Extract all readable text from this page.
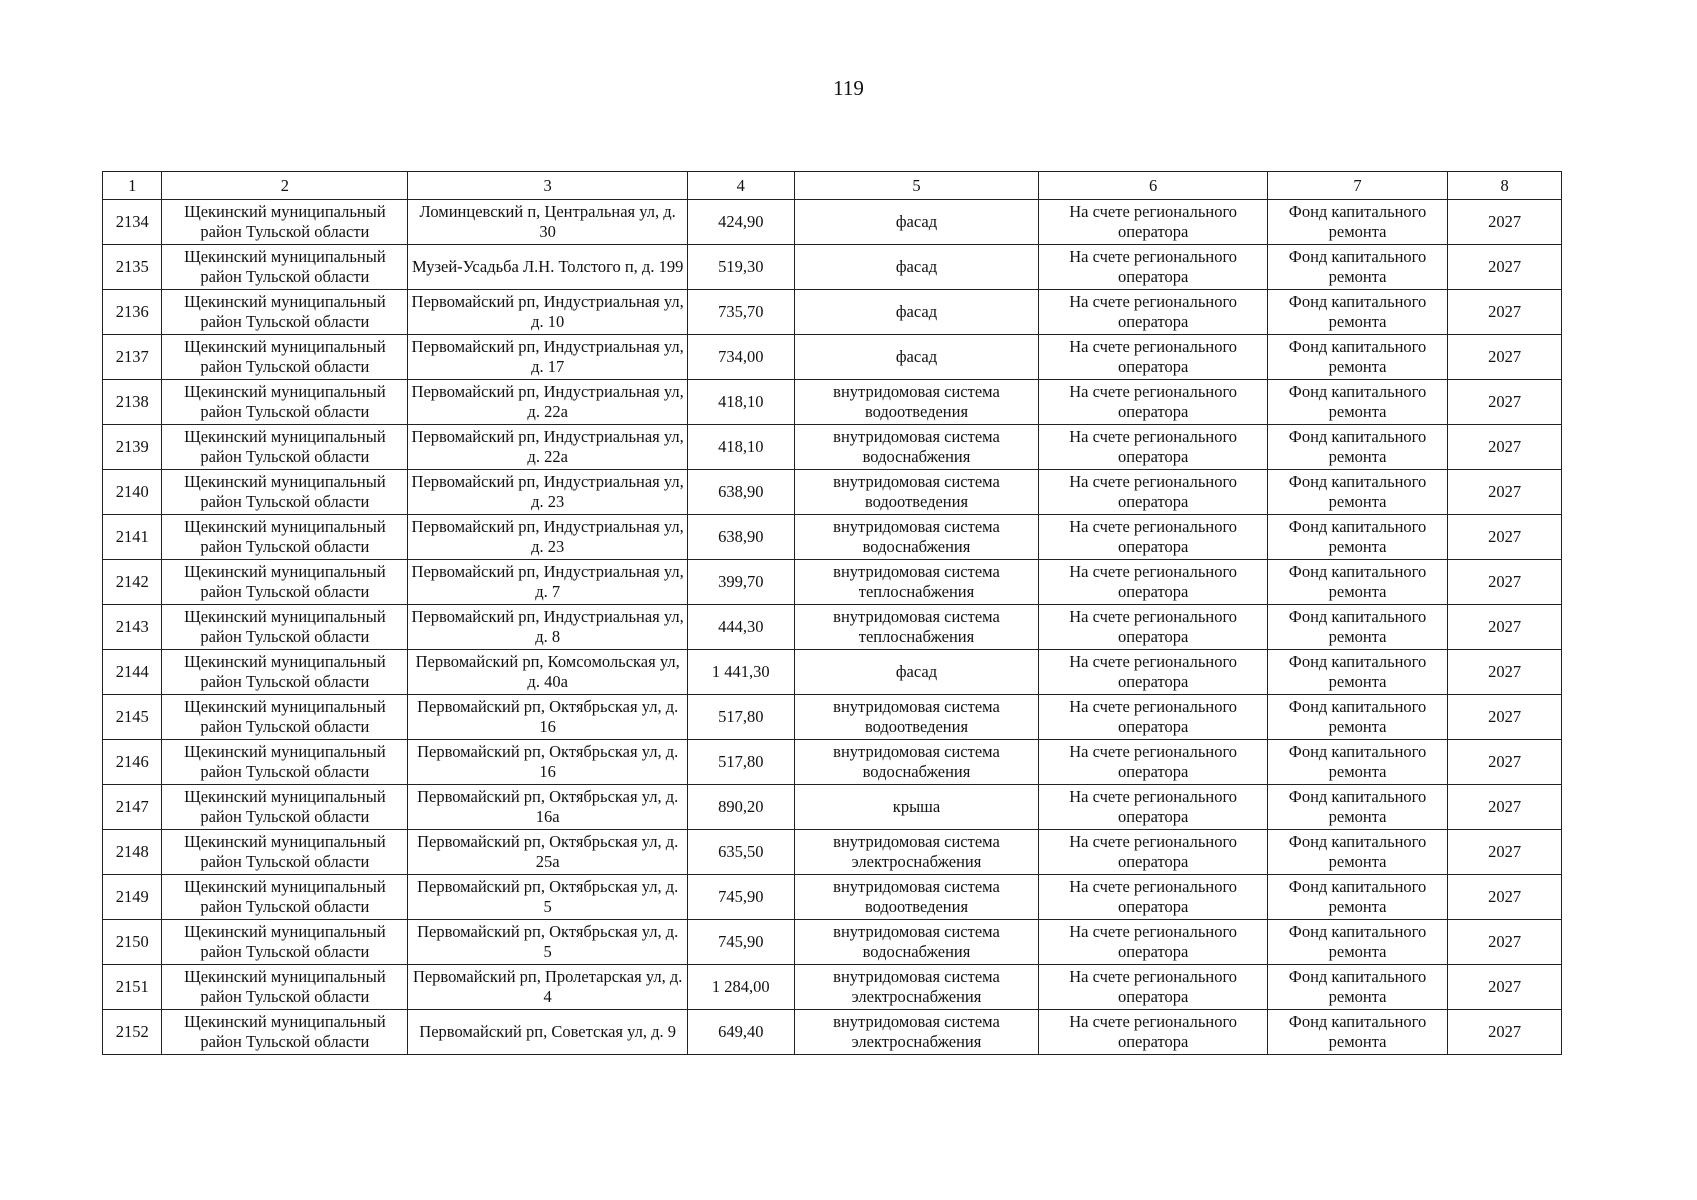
119
1	2	3	4	5	6	7	8
2134	Щекинский муниципальный район Тульской области	Ломинцевский п, Центральная ул, д. 30	424,90	фасад	На счете регионального оператора	Фонд капитального ремонта	2027
2135	Щекинский муниципальный район Тульской области	Музей-Усадьба Л.Н. Толстого п, д. 199	519,30	фасад	На счете регионального оператора	Фонд капитального ремонта	2027
2136	Щекинский муниципальный район Тульской области	Первомайский рп, Индустриальная ул, д. 10	735,70	фасад	На счете регионального оператора	Фонд капитального ремонта	2027
2137	Щекинский муниципальный район Тульской области	Первомайский рп, Индустриальная ул, д. 17	734,00	фасад	На счете регионального оператора	Фонд капитального ремонта	2027
2138	Щекинский муниципальный район Тульской области	Первомайский рп, Индустриальная ул, д. 22а	418,10	внутридомовая система водоотведения	На счете регионального оператора	Фонд капитального ремонта	2027
2139	Щекинский муниципальный район Тульской области	Первомайский рп, Индустриальная ул, д. 22а	418,10	внутридомовая система водоснабжения	На счете регионального оператора	Фонд капитального ремонта	2027
2140	Щекинский муниципальный район Тульской области	Первомайский рп, Индустриальная ул, д. 23	638,90	внутридомовая система водоотведения	На счете регионального оператора	Фонд капитального ремонта	2027
2141	Щекинский муниципальный район Тульской области	Первомайский рп, Индустриальная ул, д. 23	638,90	внутридомовая система водоснабжения	На счете регионального оператора	Фонд капитального ремонта	2027
2142	Щекинский муниципальный район Тульской области	Первомайский рп, Индустриальная ул, д. 7	399,70	внутридомовая система теплоснабжения	На счете регионального оператора	Фонд капитального ремонта	2027
2143	Щекинский муниципальный район Тульской области	Первомайский рп, Индустриальная ул, д. 8	444,30	внутридомовая система теплоснабжения	На счете регионального оператора	Фонд капитального ремонта	2027
2144	Щекинский муниципальный район Тульской области	Первомайский рп, Комсомольская ул, д. 40а	1 441,30	фасад	На счете регионального оператора	Фонд капитального ремонта	2027
2145	Щекинский муниципальный район Тульской области	Первомайский рп, Октябрьская ул, д. 16	517,80	внутридомовая система водоотведения	На счете регионального оператора	Фонд капитального ремонта	2027
2146	Щекинский муниципальный район Тульской области	Первомайский рп, Октябрьская ул, д. 16	517,80	внутридомовая система водоснабжения	На счете регионального оператора	Фонд капитального ремонта	2027
2147	Щекинский муниципальный район Тульской области	Первомайский рп, Октябрьская ул, д. 16а	890,20	крыша	На счете регионального оператора	Фонд капитального ремонта	2027
2148	Щекинский муниципальный район Тульской области	Первомайский рп, Октябрьская ул, д. 25а	635,50	внутридомовая система электроснабжения	На счете регионального оператора	Фонд капитального ремонта	2027
2149	Щекинский муниципальный район Тульской области	Первомайский рп, Октябрьская ул, д. 5	745,90	внутридомовая система водоотведения	На счете регионального оператора	Фонд капитального ремонта	2027
2150	Щекинский муниципальный район Тульской области	Первомайский рп, Октябрьская ул, д. 5	745,90	внутридомовая система водоснабжения	На счете регионального оператора	Фонд капитального ремонта	2027
2151	Щекинский муниципальный район Тульской области	Первомайский рп, Пролетарская ул, д. 4	1 284,00	внутридомовая система электроснабжения	На счете регионального оператора	Фонд капитального ремонта	2027
2152	Щекинский муниципальный район Тульской области	Первомайский рп, Советская ул, д. 9	649,40	внутридомовая система электроснабжения	На счете регионального оператора	Фонд капитального ремонта	2027
